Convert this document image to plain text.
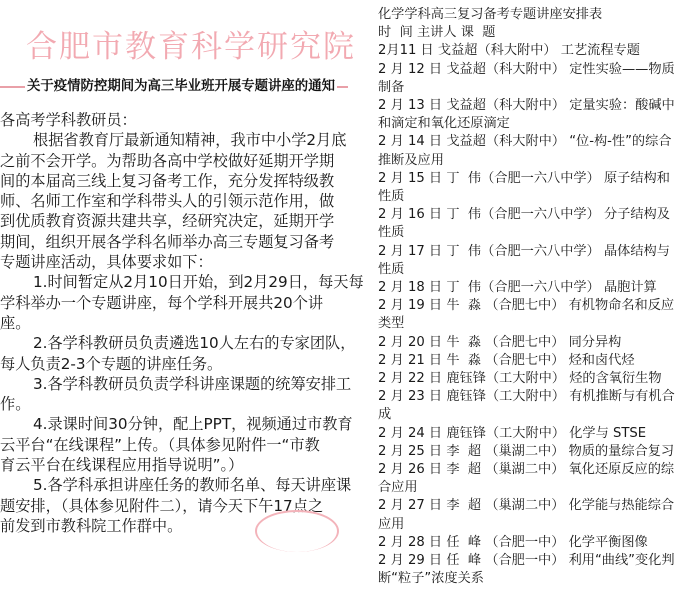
合肥市教育科学研究院
关于疫情防控期间为高三毕业班开展专题讲座的通知

各高考学科教研员：

根据省教育厅最新通知精神，我市中小学2月底

之前不会开学。为帮助各高中学校做好延期开学期

间的本届高三线上复习备考工作，充分发挥特级教

师、名师工作室和学科带头人的引领示范作用，做

到优质教育资源共建共享，经研究决定，延期开学

期间，组织开展各学科名师举办高三专题复习备考

专题讲座活动，具体要求如下：

1.时间暂定从2月10日开始，到2月29日，每天每

学科举办一个专题讲座，每个学科开展共20个讲

座。

2.各学科教研员负责遴选10人左右的专家团队，

每人负责2-3个专题的讲座任务。

3.各学科教研员负责学科讲座课题的统筹安排工

作。

4.录课时间30分钟，配上PPT，视频通过市教育

云平台“在线课程”上传。（具体参见附件一“市教

育云平台在线课程应用指导说明”。）

5.各学科承担讲座任务的教师名单、每天讲座课

题安排，（具体参见附件二），请今天下午17点之

前发到市教科院工作群中。

化学学科高三复习备考专题讲座安排表

时  间 主讲人 课  题

2月11 日 戈益超（科大附中） 工艺流程专题

2 月 12 日 戈益超（科大附中） 定性实验——物质

制备

2 月 13 日 戈益超（科大附中） 定量实验：酸碱中

和滴定和氧化还原滴定

2 月 14 日 戈益超（科大附中） “位-构-性”的综合

推断及应用

2 月 15 日 丁  伟（合肥一六八中学） 原子结构和

性质

2 月 16 日 丁  伟（合肥一六八中学） 分子结构及

性质

2 月 17 日 丁  伟（合肥一六八中学） 晶体结构与

性质

2 月 18 日 丁  伟（合肥一六八中学） 晶胞计算

2 月 19 日 牛  淼 （合肥七中） 有机物命名和反应

类型

2 月 20 日 牛  淼 （合肥七中） 同分异构

2 月 21 日 牛  淼 （合肥七中） 烃和卤代烃

2 月 22 日 鹿钰锋（工大附中） 烃的含氧衍生物

2 月 23 日 鹿钰锋（工大附中） 有机推断与有机合

成

2 月 24 日 鹿钰锋（工大附中） 化学与 STSE

2 月 25 日 李  超 （巢湖二中） 物质的量综合复习

2 月 26 日 李  超 （巢湖二中） 氧化还原反应的综

合应用

2 月 27 日 李  超 （巢湖二中） 化学能与热能综合

应用

2 月 28 日 任  峰 （合肥一中） 化学平衡图像

2 月 29 日 任  峰 （合肥一中） 利用“曲线”变化判

断“粒子”浓度关系
